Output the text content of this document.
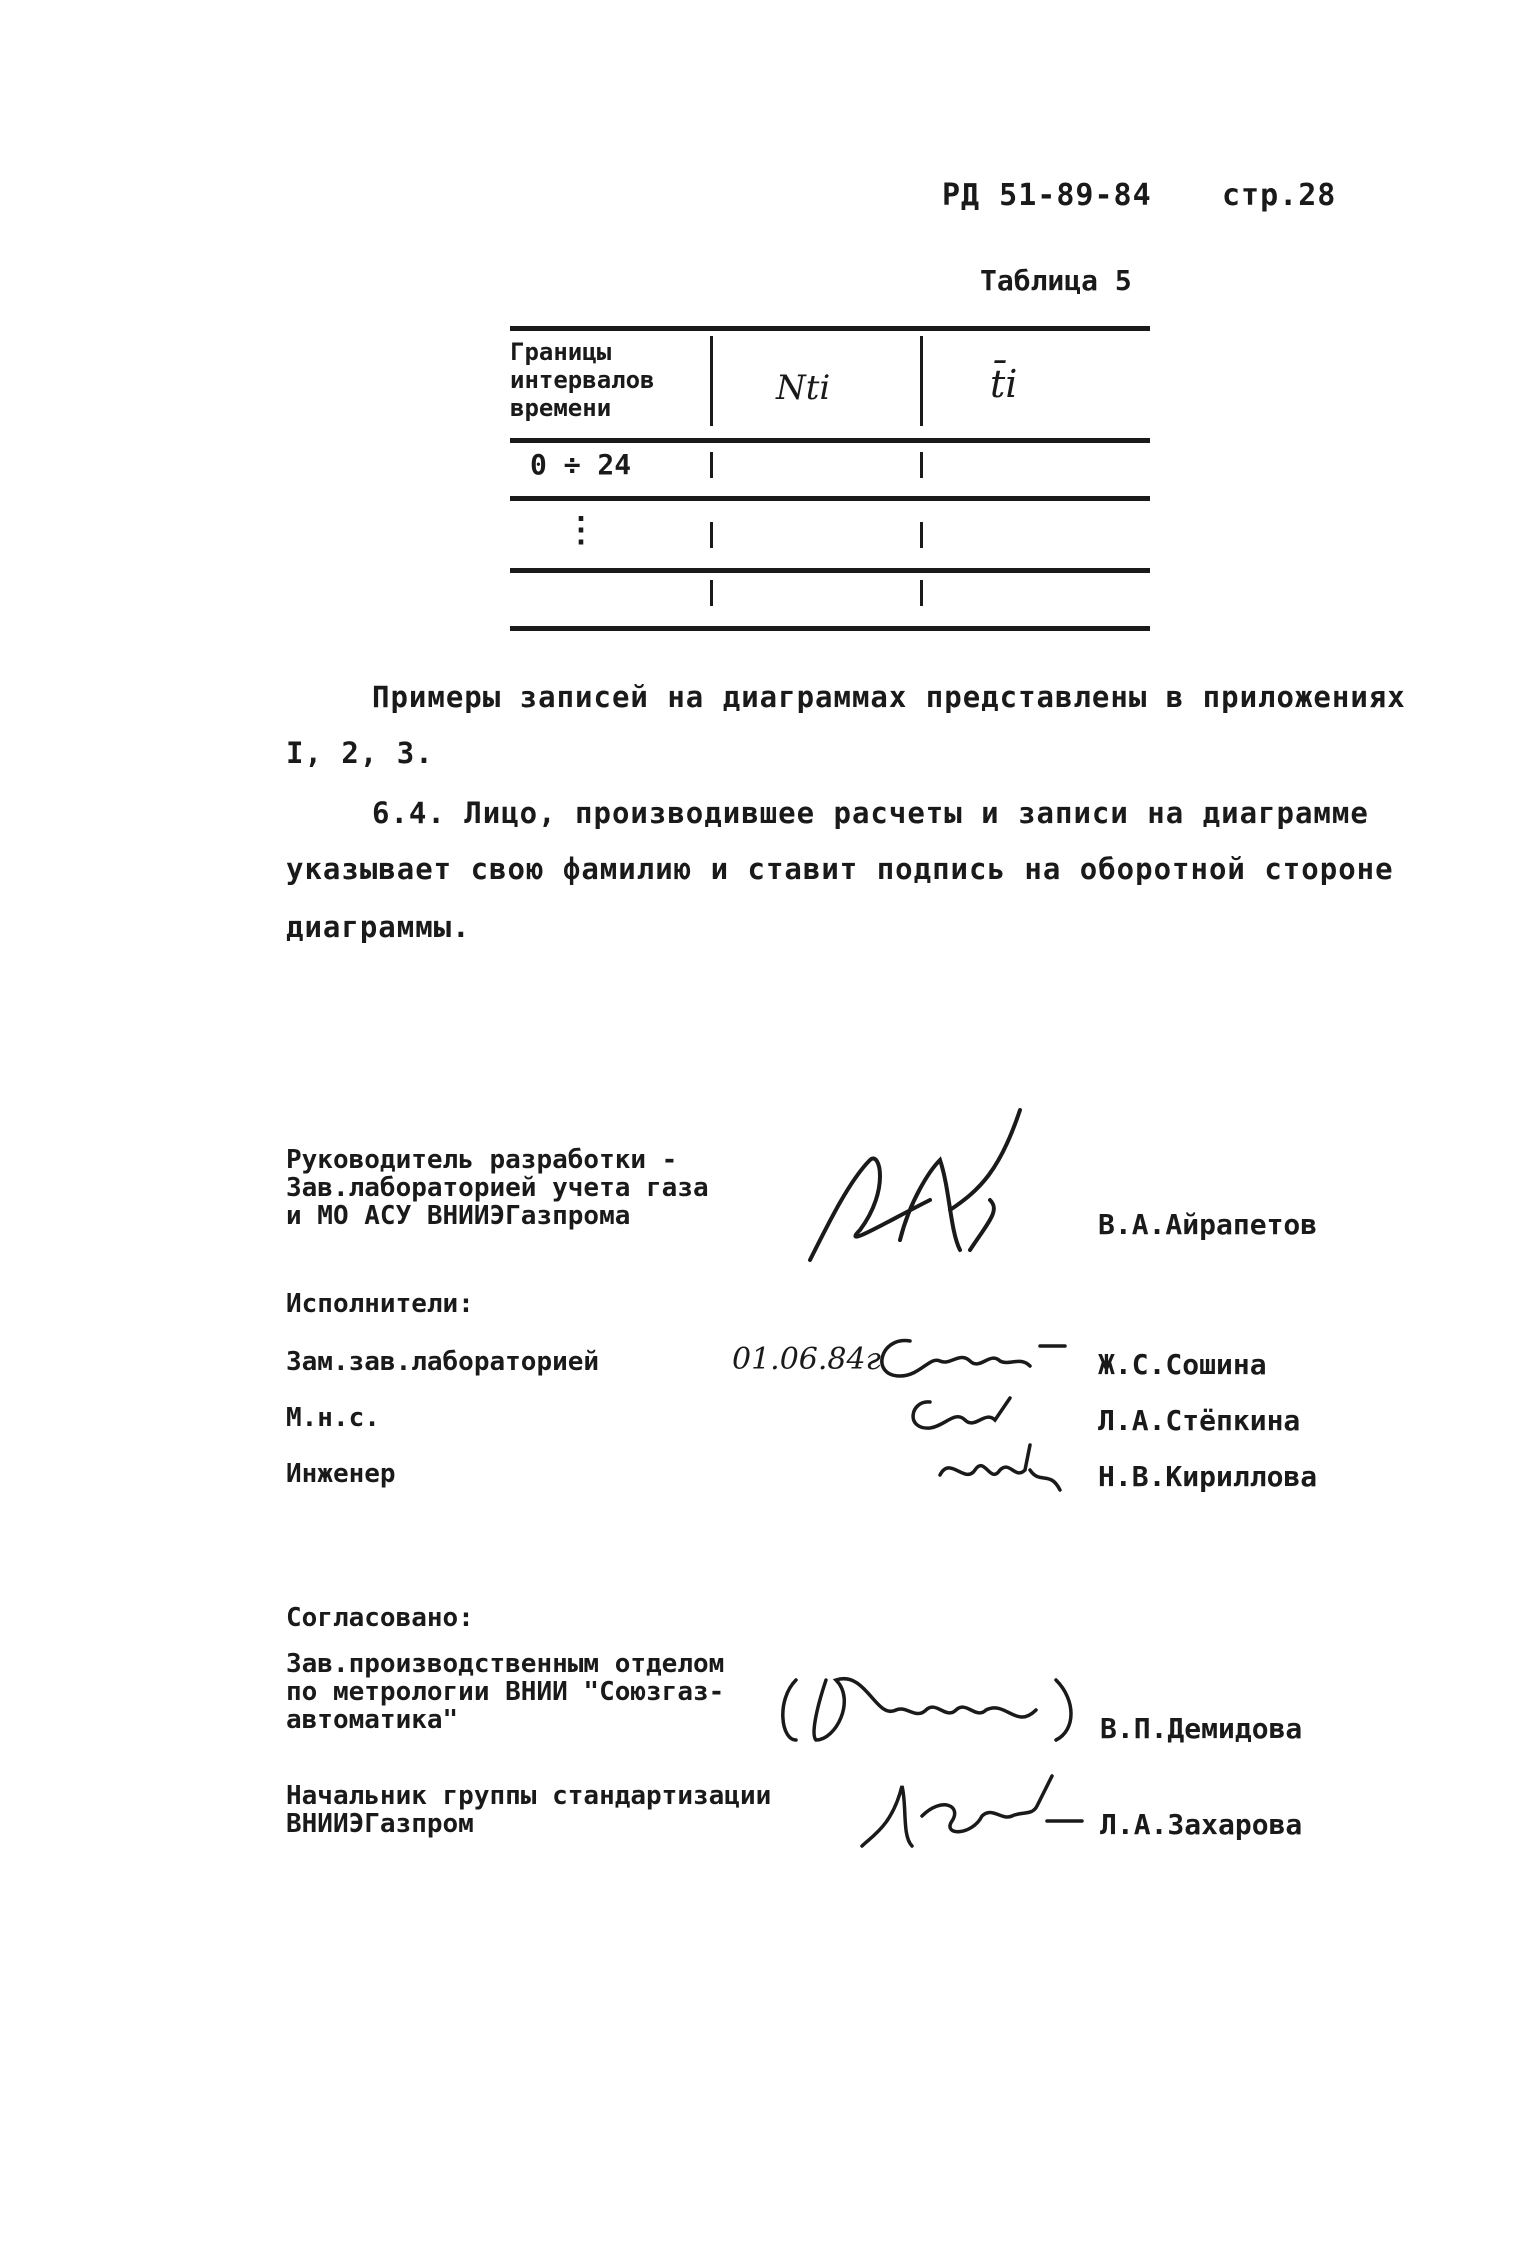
РД 51-89-84 стр.28
Таблица 5
Границы
интервалов
времени	Nti	t̄i
0 ÷ 24
⋮
Примеры записей на диаграммах представлены в приложениях
I, 2, 3.
6.4. Лицо, производившее расчеты и записи на диаграмме
указывает свою фамилию и ставит подпись на оборотной стороне
диаграммы.
Руководитель разработки -
Зав.лабораторией учета газа
и МО АСУ ВНИИЭГазпрома	В.А.Айрапетов
Исполнители:
Зам.зав.лабораторией	01.06.84г	Ж.С.Сошина
М.н.с.	Л.А.Стёпкина
Инженер	Н.В.Кириллова
Согласовано:
Зав.производственным отделом
по метрологии ВНИИ "Союзгаз-
автоматика"	В.П.Демидова
Начальник группы стандартизации
ВНИИЭГазпром	Л.А.Захарова
